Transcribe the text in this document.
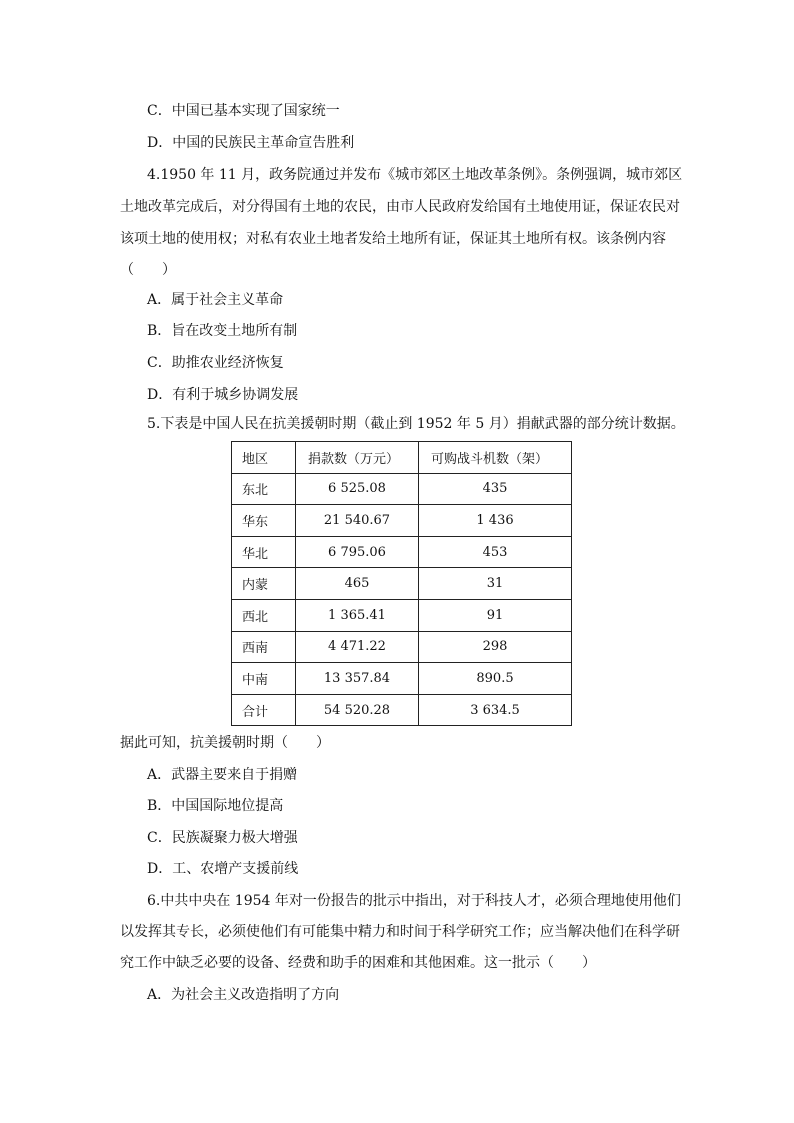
C．中国已基本实现了国家统一
D．中国的民族民主革命宣告胜利
4.1950 年 11 月，政务院通过并发布《城市郊区土地改革条例》。条例强调，城市郊区
土地改革完成后，对分得国有土地的农民，由市人民政府发给国有土地使用证，保证农民对
该项土地的使用权；对私有农业土地者发给土地所有证，保证其土地所有权。该条例内容
（　　）
A．属于社会主义革命
B．旨在改变土地所有制
C．助推农业经济恢复
D．有利于城乡协调发展
5.下表是中国人民在抗美援朝时期（截止到 1952 年 5 月）捐献武器的部分统计数据。
地区	捐款数（万元）	可购战斗机数（架）
东北	6 525.08	435
华东	21 540.67	1 436
华北	6 795.06	453
内蒙	465	31
西北	1 365.41	91
西南	4 471.22	298
中南	13 357.84	890.5
合计	54 520.28	3 634.5
据此可知，抗美援朝时期（　　）
A．武器主要来自于捐赠
B．中国国际地位提高
C．民族凝聚力极大增强
D．工、农增产支援前线
6.中共中央在 1954 年对一份报告的批示中指出，对于科技人才，必须合理地使用他们
以发挥其专长，必须使他们有可能集中精力和时间于科学研究工作；应当解决他们在科学研
究工作中缺乏必要的设备、经费和助手的困难和其他困难。这一批示（　　）
A．为社会主义改造指明了方向
